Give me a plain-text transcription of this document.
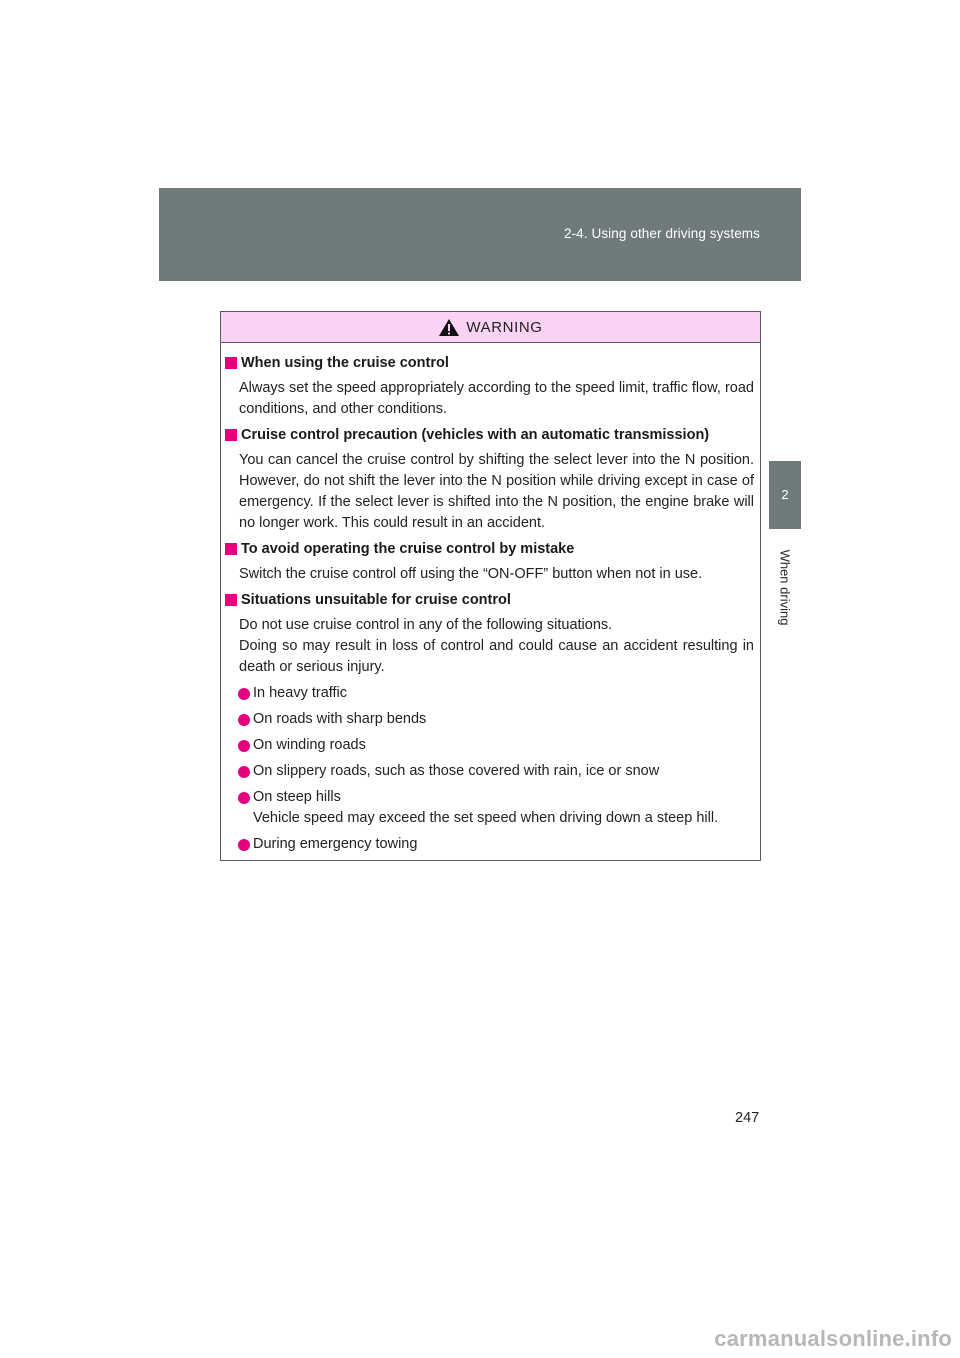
2-4. Using other driving systems
2
When driving
WARNING
When using the cruise control
Always set the speed appropriately according to the speed limit, traffic flow, road conditions, and other conditions.
Cruise control precaution (vehicles with an automatic transmission)
You can cancel the cruise control by shifting the select lever into the N position. However, do not shift the lever into the N position while driving except in case of emergency. If the select lever is shifted into the N position, the engine brake will no longer work. This could result in an accident.
To avoid operating the cruise control by mistake
Switch the cruise control off using the “ON-OFF” button when not in use.
Situations unsuitable for cruise control
Do not use cruise control in any of the following situations.
Doing so may result in loss of control and could cause an accident resulting in death or serious injury.
In heavy traffic
On roads with sharp bends
On winding roads
On slippery roads, such as those covered with rain, ice or snow
On steep hills
Vehicle speed may exceed the set speed when driving down a steep hill.
During emergency towing
247
carmanualsonline.info
